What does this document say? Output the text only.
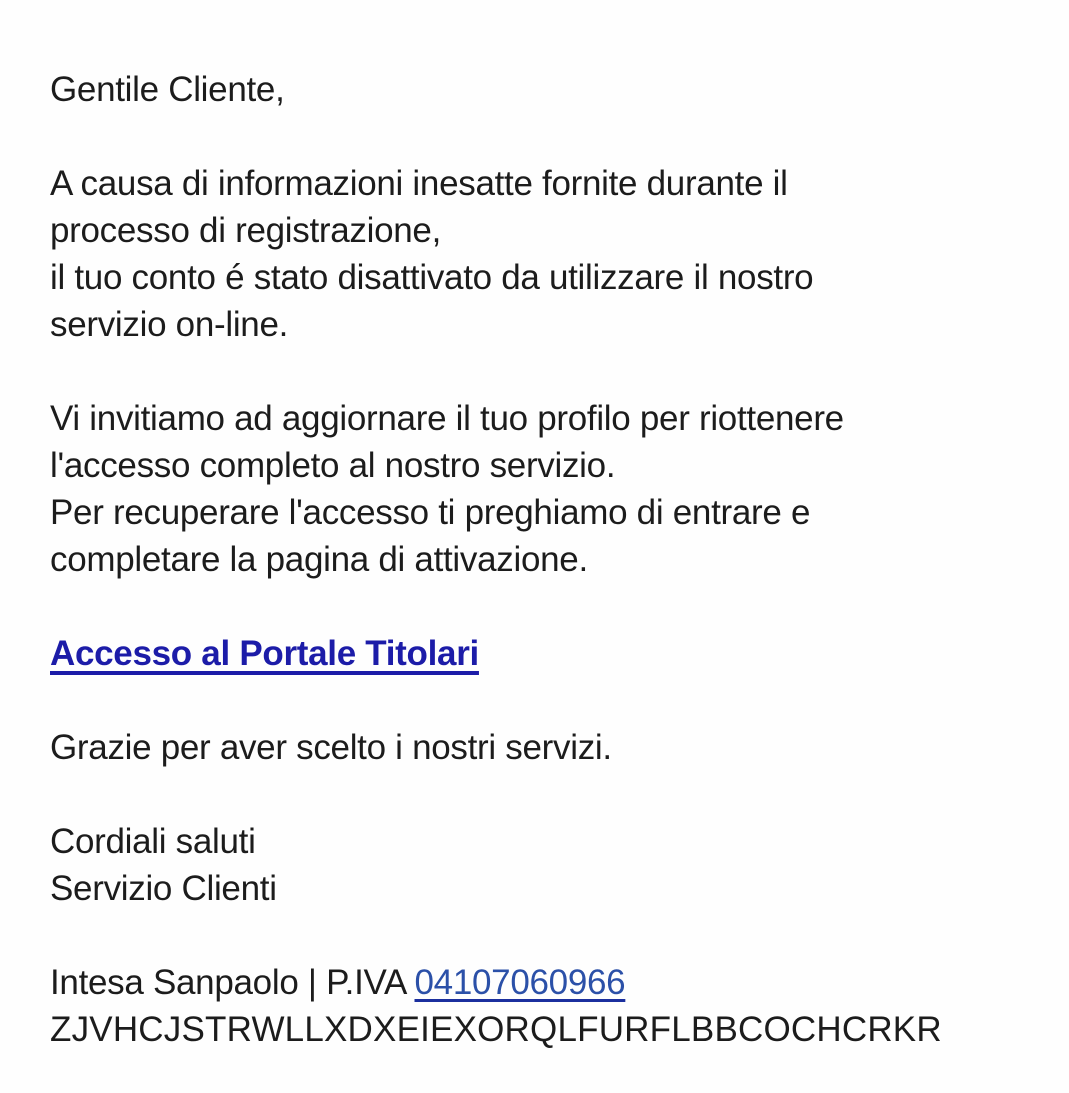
Gentile Cliente,
A causa di informazioni inesatte fornite durante il
processo di registrazione,
il tuo conto é stato disattivato da utilizzare il nostro
servizio on-line.
Vi invitiamo ad aggiornare il tuo profilo per riottenere
l'accesso completo al nostro servizio.
Per recuperare l'accesso ti preghiamo di entrare e
completare la pagina di attivazione.
Accesso al Portale Titolari
Grazie per aver scelto i nostri servizi.
Cordiali saluti
Servizio Clienti
Intesa Sanpaolo | P.IVA 04107060966
ZJVHCJSTRWLLXDXEIEXORQLFURFLBBCOCHCRKR
